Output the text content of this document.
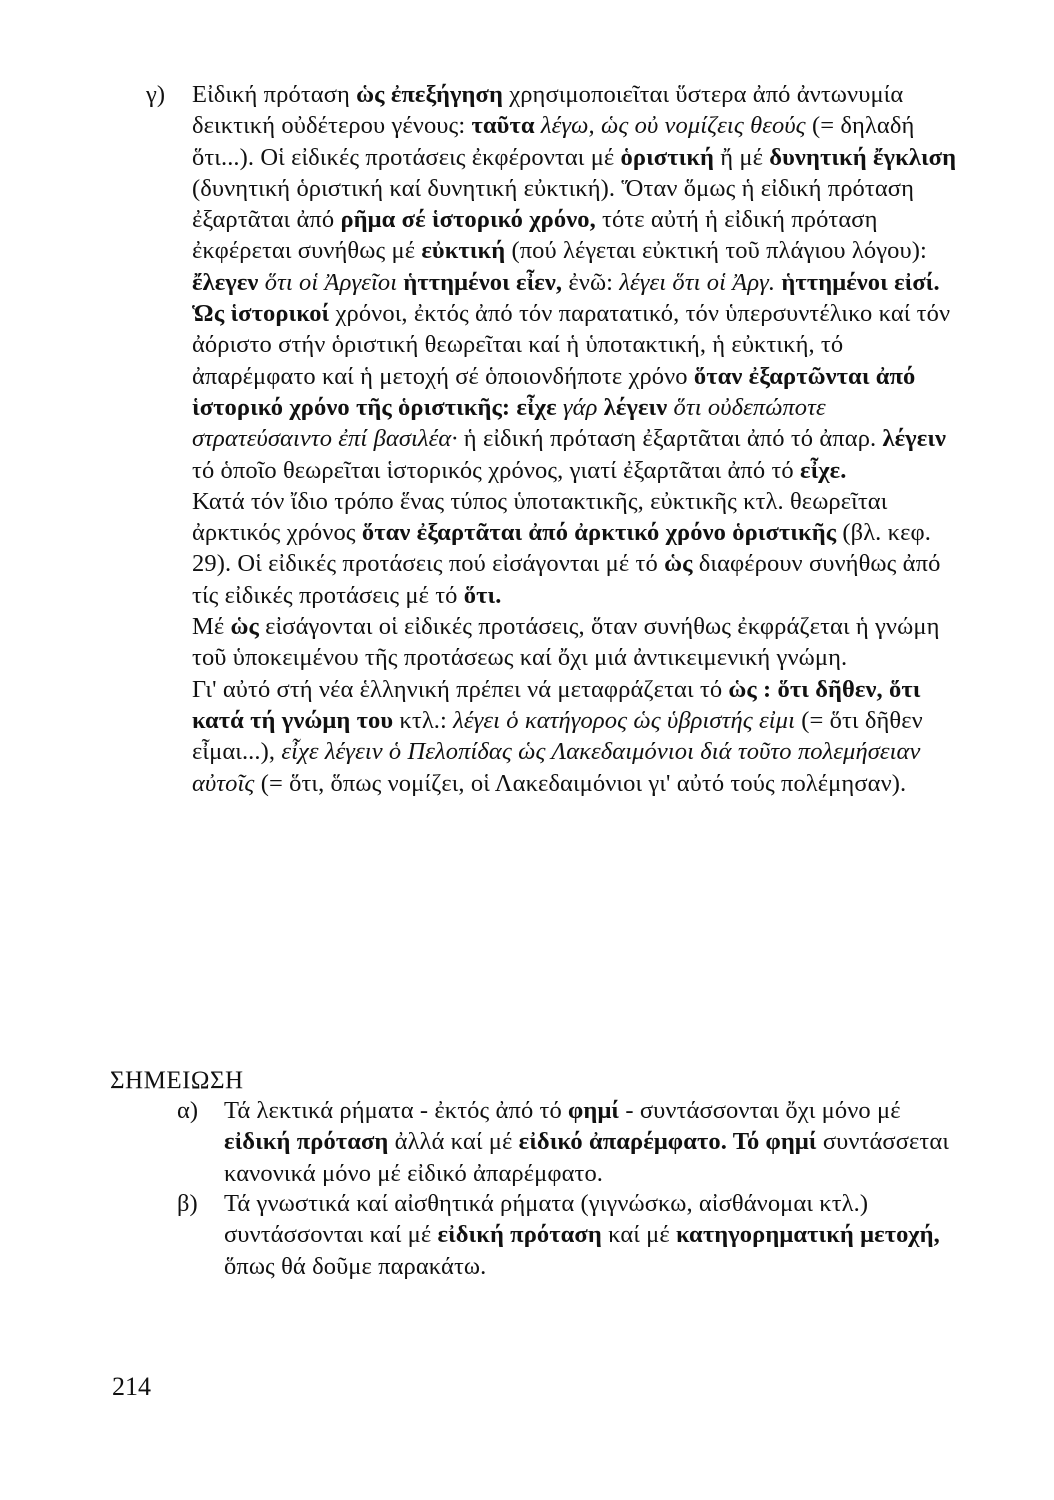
γ) Εἰδική πρόταση ὡς ἐπεξήγηση χρησιμοποιεῖται ὕστερα ἀπό ἀντωνυμία δεικτική οὐδέτερου γένους: ταῦτα λέγω, ὡς οὐ νομίζεις θεούς (= δηλαδή ὅτι...). Οἱ εἰδικές προτάσεις ἐκφέρονται μέ ὁριστική ἤ μέ δυνητική ἔγκλιση (δυνητική ὁριστική καί δυνητική εὐκτική). Ὅταν ὅμως ἡ εἰδική πρόταση ἐξαρτᾶται ἀπό ρῆμα σέ ἱστορικό χρόνο, τότε αὐτή ἡ εἰδική πρόταση ἐκφέρεται συνήθως μέ εὐκτική (πού λέγεται εὐκτική τοῦ πλάγιου λόγου): ἔλεγεν ὅτι οἱ Ἀργεῖοι ἡττημένοι εἶεν, ἐνῶ: λέγει ὅτι οἱ Ἀργ. ἡττημένοι εἰσί.

Ὡς ἱστορικοί χρόνοι, ἐκτός ἀπό τόν παρατατικό, τόν ὑπερσυντέλικο καί τόν ἀόριστο στήν ὁριστική θεωρεῖται καί ἡ ὑποτακτική, ἡ εὐκτική, τό ἀπαρέμφατο καί ἡ μετοχή σέ ὁποιονδήποτε χρόνο ὅταν ἐξαρτῶνται ἀπό ἱστορικό χρόνο τῆς ὁριστικῆς: εἶχε γάρ λέγειν ὅτι οὐδεπώποτε στρατεύσαιντο ἐπί βασιλέα· ἡ εἰδική πρόταση ἐξαρτᾶται ἀπό τό ἀπαρ. λέγειν τό ὁποῖο θεωρεῖται ἱστορικός χρόνος, γιατί ἐξαρτᾶται ἀπό τό εἶχε.

Κατά τόν ἴδιο τρόπο ἕνας τύπος ὑποτακτικῆς, εὐκτικῆς κτλ. θεωρεῖται ἀρκτικός χρόνος ὅταν ἐξαρτᾶται ἀπό ἀρκτικό χρόνο ὁριστικῆς (βλ. κεφ. 29). Οἱ εἰδικές προτάσεις πού εἰσάγονται μέ τό ὡς διαφέρουν συνήθως ἀπό τίς εἰδικές προτάσεις μέ τό ὅτι.

Μέ ὡς εἰσάγονται οἱ εἰδικές προτάσεις, ὅταν συνήθως ἐκφράζεται ἡ γνώμη τοῦ ὑποκειμένου τῆς προτάσεως καί ὄχι μιά ἀντικειμενική γνώμη.

Γι' αὐτό στή νέα ἑλληνική πρέπει νά μεταφράζεται τό ὡς : ὅτι δῆθεν, ὅτι κατά τή γνώμη του κτλ.: λέγει ὁ κατήγορος ὡς ὑβριστής εἰμι (= ὅτι δῆθεν εἶμαι...), εἶχε λέγειν ὁ Πελοπίδας ὡς Λακεδαιμόνιοι διά τοῦτο πολεμήσειαν αὐτοῖς (= ὅτι, ὅπως νομίζει, οἱ Λακεδαιμόνιοι γι' αὐτό τούς πολέμησαν).

ΣΗΜΕΙΩΣΗ
α) Τά λεκτικά ρήματα - ἐκτός ἀπό τό φημί - συντάσσονται ὄχι μόνο μέ εἰδική πρόταση ἀλλά καί μέ εἰδικό ἀπαρέμφατο. Τό φημί συντάσσεται κανονικά μόνο μέ εἰδικό ἀπαρέμφατο.
β) Τά γνωστικά καί αἰσθητικά ρήματα (γιγνώσκω, αἰσθάνομαι κτλ.) συντάσσονται καί μέ εἰδική πρόταση καί μέ κατηγορηματική μετοχή, ὅπως θά δοῦμε παρακάτω.
214
